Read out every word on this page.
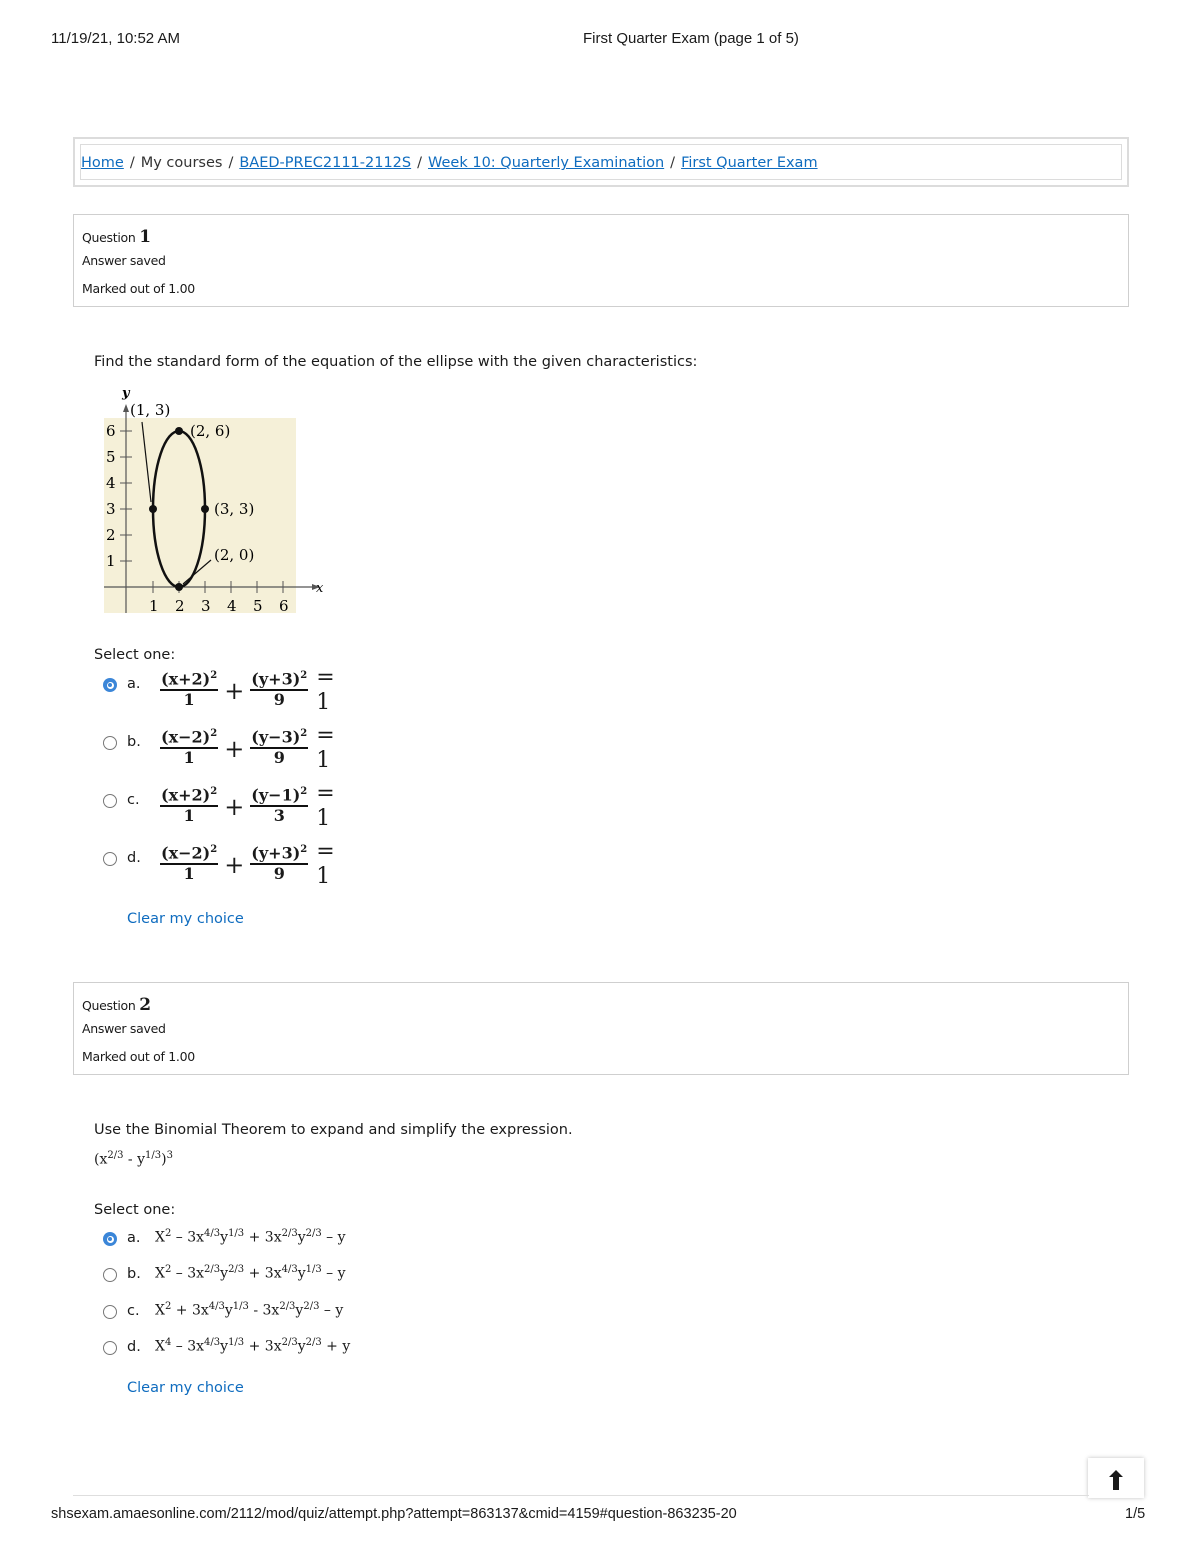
11/19/21, 10:52 AM	First Quarter Exam (page 1 of 5)
Home / My courses / BAED-PREC2111-2112S / Week 10: Quarterly Examination / First Quarter Exam
Question 1
Answer saved
Marked out of 1.00
Find the standard form of the equation of the ellipse with the given characteristics:
y
x
1
2
3
4
5
6
1 2 3 4 5 6
(1, 3)
(2, 6)
(3, 3)
(2, 0)
Select one:
a. $\frac{(x+2)^2}{1} + \frac{(y+3)^2}{9} = 1$
b. $\frac{(x-2)^2}{1} + \frac{(y-3)^2}{9} = 1$
c. $\frac{(x+2)^2}{1} + \frac{(y-1)^2}{3} = 1$
d. $\frac{(x-2)^2}{1} + \frac{(y+3)^2}{9} = 1$
Clear my choice
Question 2
Answer saved
Marked out of 1.00
Use the Binomial Theorem to expand and simplify the expression.
$(x^{2/3} - y^{1/3})^3$
Select one:
a. $X^2 - 3x^{4/3}y^{1/3} + 3x^{2/3}y^{2/3} - y$
b. $X^2 - 3x^{2/3}y^{2/3} + 3x^{4/3}y^{1/3} - y$
c. $X^2 + 3x^{4/3}y^{1/3} - 3x^{2/3}y^{2/3} - y$
d. $X^4 - 3x^{4/3}y^{1/3} + 3x^{2/3}y^{2/3} + y$
Clear my choice
shsexam.amaesonline.com/2112/mod/quiz/attempt.php?attempt=863137&cmid=4159#question-863235-20	1/5
